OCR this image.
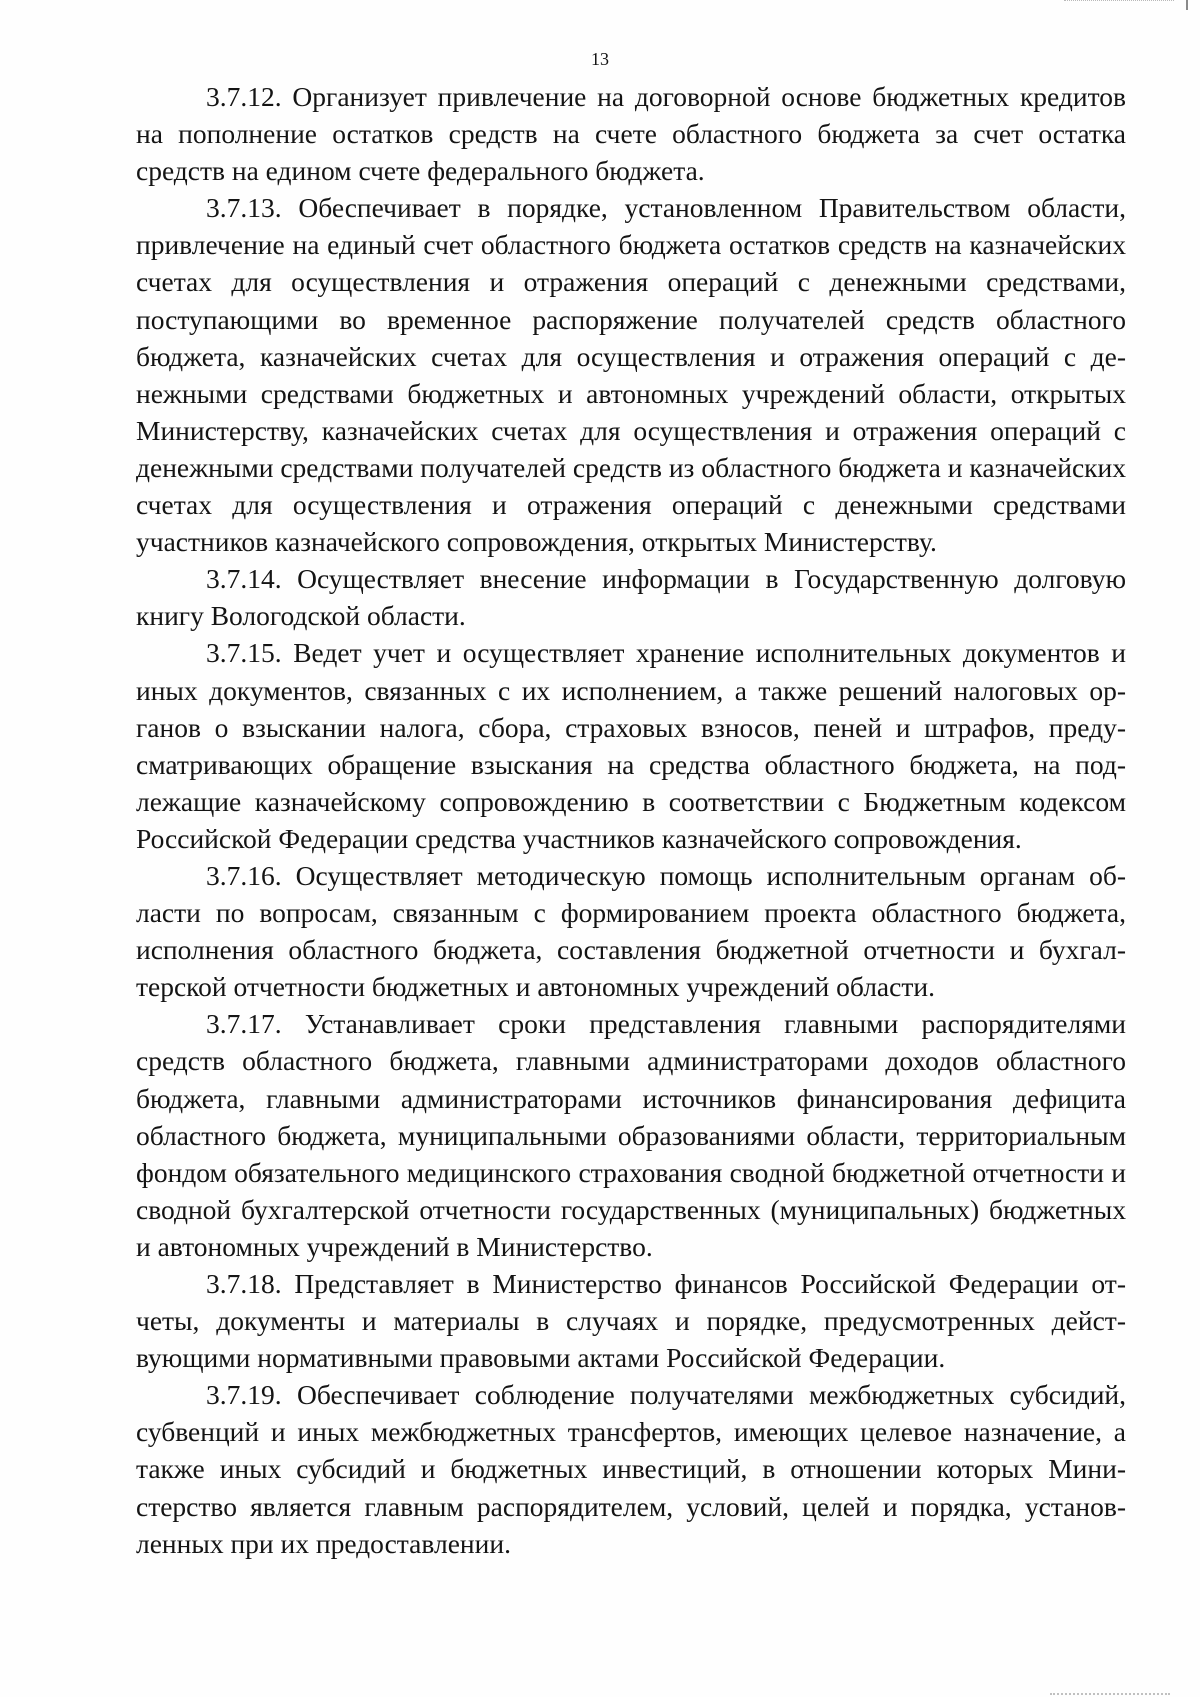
13

3.7.12. Организует привлечение на договорной основе бюджетных кредитов на пополнение остатков средств на счете областного бюджета за счет остатка средств на едином счете федерального бюджета.

3.7.13. Обеспечивает в порядке, установленном Правительством области, привлечение на единый счет областного бюджета остатков средств на казначейских счетах для осуществления и отражения операций с денежными средствами, поступающими во временное распоряжение получателей средств областного бюджета, казначейских счетах для осуществления и отражения операций с денежными средствами бюджетных и автономных учреждений области, открытых Министерству, казначейских счетах для осуществления и отражения операций с денежными средствами получателей средств из областного бюджета и казначейских счетах для осуществления и отражения операций с денежными средствами участников казначейского сопровождения, открытых Министерству.

3.7.14. Осуществляет внесение информации в Государственную долговую книгу Вологодской области.

3.7.15. Ведет учет и осуществляет хранение исполнительных документов и иных документов, связанных с их исполнением, а также решений налоговых органов о взыскании налога, сбора, страховых взносов, пеней и штрафов, предусматривающих обращение взыскания на средства областного бюджета, на подлежащие казначейскому сопровождению в соответствии с Бюджетным кодексом Российской Федерации средства участников казначейского сопровождения.

3.7.16. Осуществляет методическую помощь исполнительным органам области по вопросам, связанным с формированием проекта областного бюджета, исполнения областного бюджета, составления бюджетной отчетности и бухгалтерской отчетности бюджетных и автономных учреждений области.

3.7.17. Устанавливает сроки представления главными распорядителями средств областного бюджета, главными администраторами доходов областного бюджета, главными администраторами источников финансирования дефицита областного бюджета, муниципальными образованиями области, территориальным фондом обязательного медицинского страхования сводной бюджетной отчетности и сводной бухгалтерской отчетности государственных (муниципальных) бюджетных и автономных учреждений в Министерство.

3.7.18. Представляет в Министерство финансов Российской Федерации отчеты, документы и материалы в случаях и порядке, предусмотренных действующими нормативными правовыми актами Российской Федерации.

3.7.19. Обеспечивает соблюдение получателями межбюджетных субсидий, субвенций и иных межбюджетных трансфертов, имеющих целевое назначение, а также иных субсидий и бюджетных инвестиций, в отношении которых Министерство является главным распорядителем, условий, целей и порядка, установленных при их предоставлении.
